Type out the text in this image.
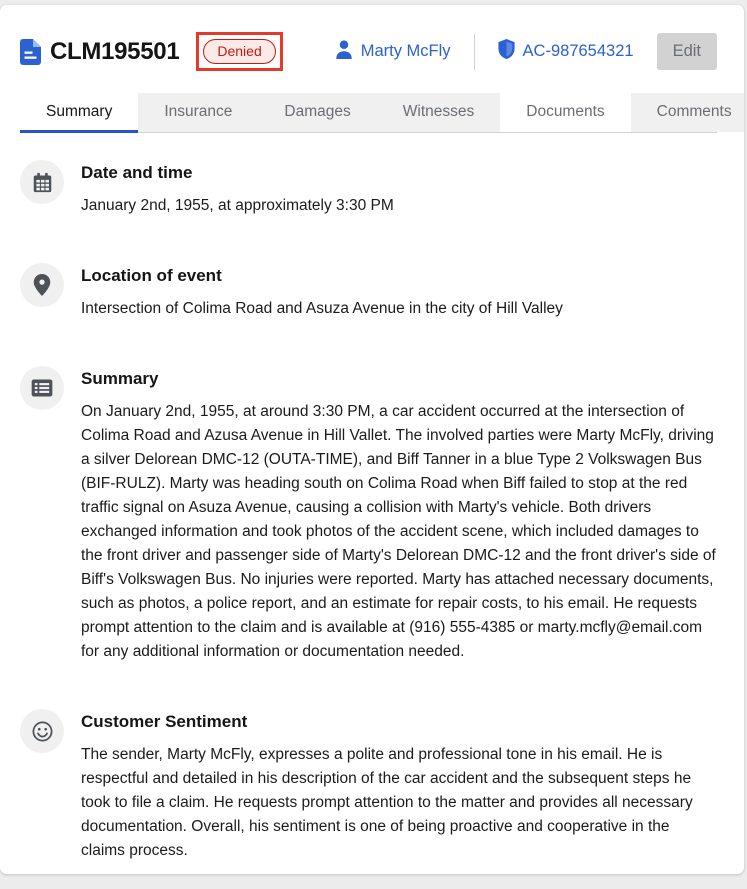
CLM195501	Denied	Marty McFly	AC-987654321	Edit
Summary	Insurance	Damages	Witnesses	Documents	Comments
Date and time
January 2nd, 1955, at approximately 3:30 PM
Location of event
Intersection of Colima Road and Asuza Avenue in the city of Hill Valley
Summary
On January 2nd, 1955, at around 3:30 PM, a car accident occurred at the intersection of Colima Road and Azusa Avenue in Hill Vallet. The involved parties were Marty McFly, driving a silver Delorean DMC-12 (OUTA-TIME), and Biff Tanner in a blue Type 2 Volkswagen Bus (BIF-RULZ). Marty was heading south on Colima Road when Biff failed to stop at the red traffic signal on Asuza Avenue, causing a collision with Marty's vehicle. Both drivers exchanged information and took photos of the accident scene, which included damages to the front driver and passenger side of Marty's Delorean DMC-12 and the front driver's side of Biff's Volkswagen Bus. No injuries were reported. Marty has attached necessary documents, such as photos, a police report, and an estimate for repair costs, to his email. He requests prompt attention to the claim and is available at (916) 555-4385 or marty.mcfly@email.com for any additional information or documentation needed.
Customer Sentiment
The sender, Marty McFly, expresses a polite and professional tone in his email. He is respectful and detailed in his description of the car accident and the subsequent steps he took to file a claim. He requests prompt attention to the matter and provides all necessary documentation. Overall, his sentiment is one of being proactive and cooperative in the claims process.
